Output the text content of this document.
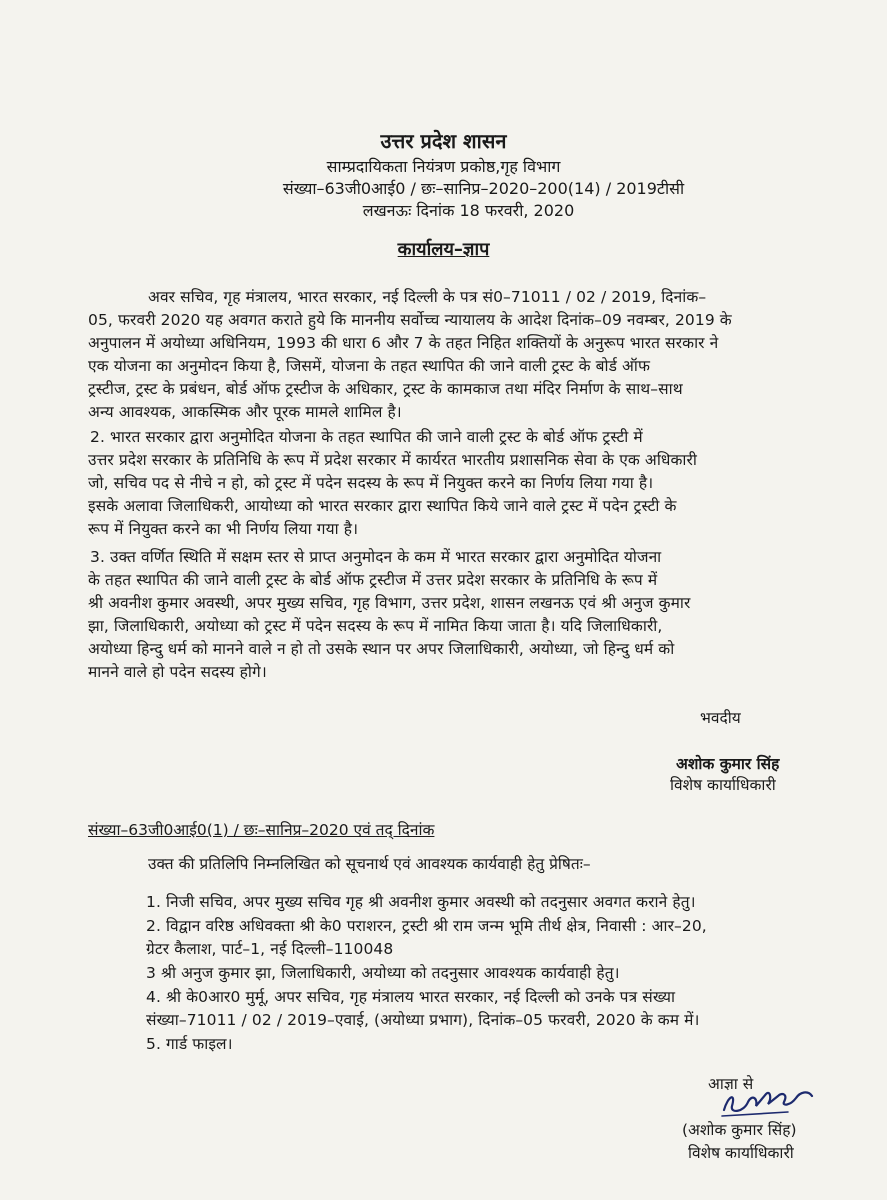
उत्तर प्रदेश शासन
साम्प्रदायिकता नियंत्रण प्रकोष्ठ,गृह विभाग
संख्या–63जी0आई0 / छः–सानिप्र–2020–200(14) / 2019टीसी
लखनऊः दिनांक 18 फरवरी, 2020
कार्यालय–ज्ञाप
अवर सचिव, गृह मंत्रालय, भारत सरकार, नई दिल्ली के पत्र सं0–71011 / 02 / 2019, दिनांक–
05, फरवरी 2020 यह अवगत कराते हुये कि माननीय सर्वोच्च न्यायालय के आदेश दिनांक–09 नवम्बर, 2019 के
अनुपालन में अयोध्या अधिनियम, 1993 की धारा 6 और 7 के तहत निहित शक्तियों के अनुरूप भारत सरकार ने
एक योजना का अनुमोदन किया है, जिसमें, योजना के तहत स्थापित की जाने वाली ट्रस्ट के बोर्ड ऑफ
ट्रस्टीज, ट्रस्ट के प्रबंधन, बोर्ड ऑफ ट्रस्टीज के अधिकार, ट्रस्ट के कामकाज तथा मंदिर निर्माण के साथ–साथ
अन्य आवश्यक, आकस्मिक और पूरक मामले शामिल है।
2. भारत सरकार द्वारा अनुमोदित योजना के तहत स्थापित की जाने वाली ट्रस्ट के बोर्ड ऑफ ट्रस्टी में
उत्तर प्रदेश सरकार के प्रतिनिधि के रूप में प्रदेश सरकार में कार्यरत भारतीय प्रशासनिक सेवा के एक अधिकारी
जो, सचिव पद से नीचे न हो, को ट्रस्ट में पदेन सदस्य के रूप में नियुक्त करने का निर्णय लिया गया है।
इसके अलावा जिलाधिकरी, आयोध्या को भारत सरकार द्वारा स्थापित किये जाने वाले ट्रस्ट में पदेन ट्रस्टी के
रूप में नियुक्त करने का भी निर्णय लिया गया है।
3. उक्त वर्णित स्थिति में सक्षम स्तर से प्राप्त अनुमोदन के कम में भारत सरकार द्वारा अनुमोदित योजना
के तहत स्थापित की जाने वाली ट्रस्ट के बोर्ड ऑफ ट्रस्टीज में उत्तर प्रदेश सरकार के प्रतिनिधि के रूप में
श्री अवनीश कुमार अवस्थी, अपर मुख्य सचिव, गृह विभाग, उत्तर प्रदेश, शासन लखनऊ एवं श्री अनुज कुमार
झा, जिलाधिकारी, अयोध्या को ट्रस्ट में पदेन सदस्य के रूप में नामित किया जाता है। यदि जिलाधिकारी,
अयोध्या हिन्दु धर्म को मानने वाले न हो तो उसके स्थान पर अपर जिलाधिकारी, अयोध्या, जो हिन्दु धर्म को
मानने वाले हो पदेन सदस्य होगे।
भवदीय
अशोक कुमार सिंह
विशेष कार्याधिकारी
संख्या–63जी0आई0(1) / छः–सानिप्र–2020 एवं तद् दिनांक
उक्त की प्रतिलिपि निम्नलिखित को सूचनार्थ एवं आवश्यक कार्यवाही हेतु प्रेषितः–
1. निजी सचिव, अपर मुख्य सचिव गृह श्री अवनीश कुमार अवस्थी को तदनुसार अवगत कराने हेतु।
2. विद्वान वरिष्ठ अधिवक्ता श्री के0 पराशरन, ट्रस्टी श्री राम जन्म भूमि तीर्थ क्षेत्र, निवासी : आर–20,
ग्रेटर कैलाश, पार्ट–1, नई दिल्ली–110048
3 श्री अनुज कुमार झा, जिलाधिकारी, अयोध्या को तदनुसार आवश्यक कार्यवाही हेतु।
4. श्री के0आर0 मुर्मू, अपर सचिव, गृह मंत्रालय भारत सरकार, नई दिल्ली को उनके पत्र संख्या
संख्या–71011 / 02 / 2019–एवाई, (अयोध्या प्रभाग), दिनांक–05 फरवरी, 2020 के कम में।
5. गार्ड फाइल।
आज्ञा से
(अशोक कुमार सिंह)
विशेष कार्याधिकारी
